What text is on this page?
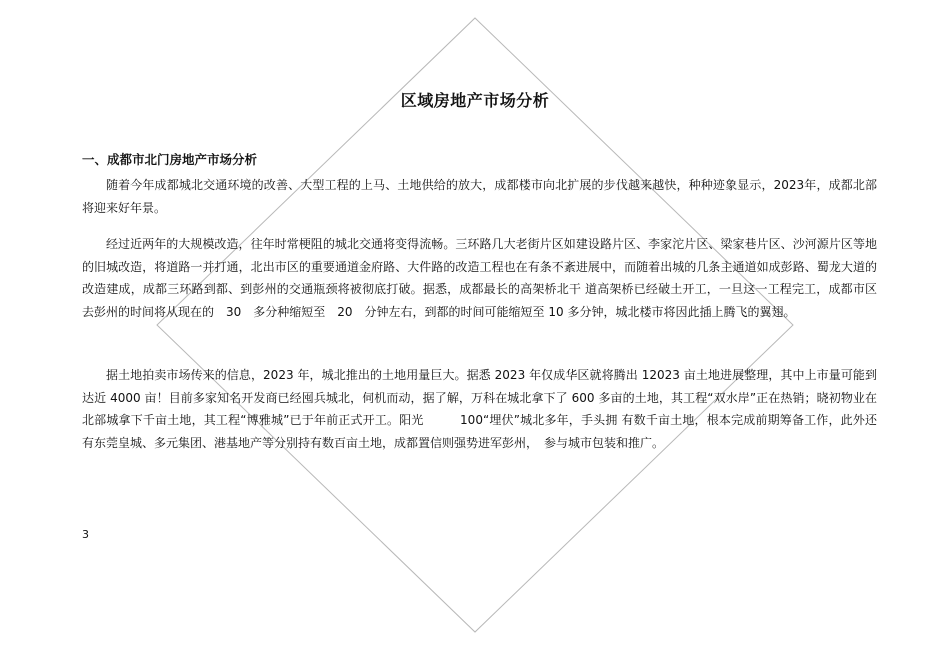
区域房地产市场分析
一、成都市北门房地产市场分析

随着今年成都城北交通环境的改善、大型工程的上马、土地供给的放大，成都楼市向北扩展的步伐越来越快，种种迹象显示，2023年，成都北部将迎来好年景。

经过近两年的大规模改造，往年时常梗阻的城北交通将变得流畅。三环路几大老街片区如建设路片区、李家沱片区、梁家巷片区、沙河源片区等地的旧城改造，将道路一并打通，北出市区的重要通道金府路、大件路的改造工程也在有条不紊进展中，而随着出城的几条主通道如成彭路、蜀龙大道的改造建成，成都三环路到都、到彭州的交通瓶颈将被彻底打破。据悉，成都最长的高架桥北干 道高架桥已经破土开工，一旦这一工程完工，成都市区去彭州的时间将从现在的　30　多分种缩短至　20　分钟左右，到都的时间可能缩短至 10 多分钟，城北楼市将因此插上腾飞的翼翅。

据土地拍卖市场传来的信息，2023 年，城北推出的土地用量巨大。据悉 2023 年仅成华区就将腾出 12023 亩土地进展整理，其中上市量可能到达近 4000 亩！目前多家知名开发商已经囤兵城北，伺机而动，据了解，万科在城北拿下了 600 多亩的土地，其工程“双水岸”正在热销；晓初物业在北部城拿下千亩土地，其工程“博雅城”已于年前正式开工。阳光　　　100“埋伏”城北多年，手头拥 有数千亩土地，根本完成前期筹备工作，此外还有东莞皇城、多元集团、港基地产等分别持有数百亩土地，成都置信则强势进军彭州，　参与城市包装和推广。

3
